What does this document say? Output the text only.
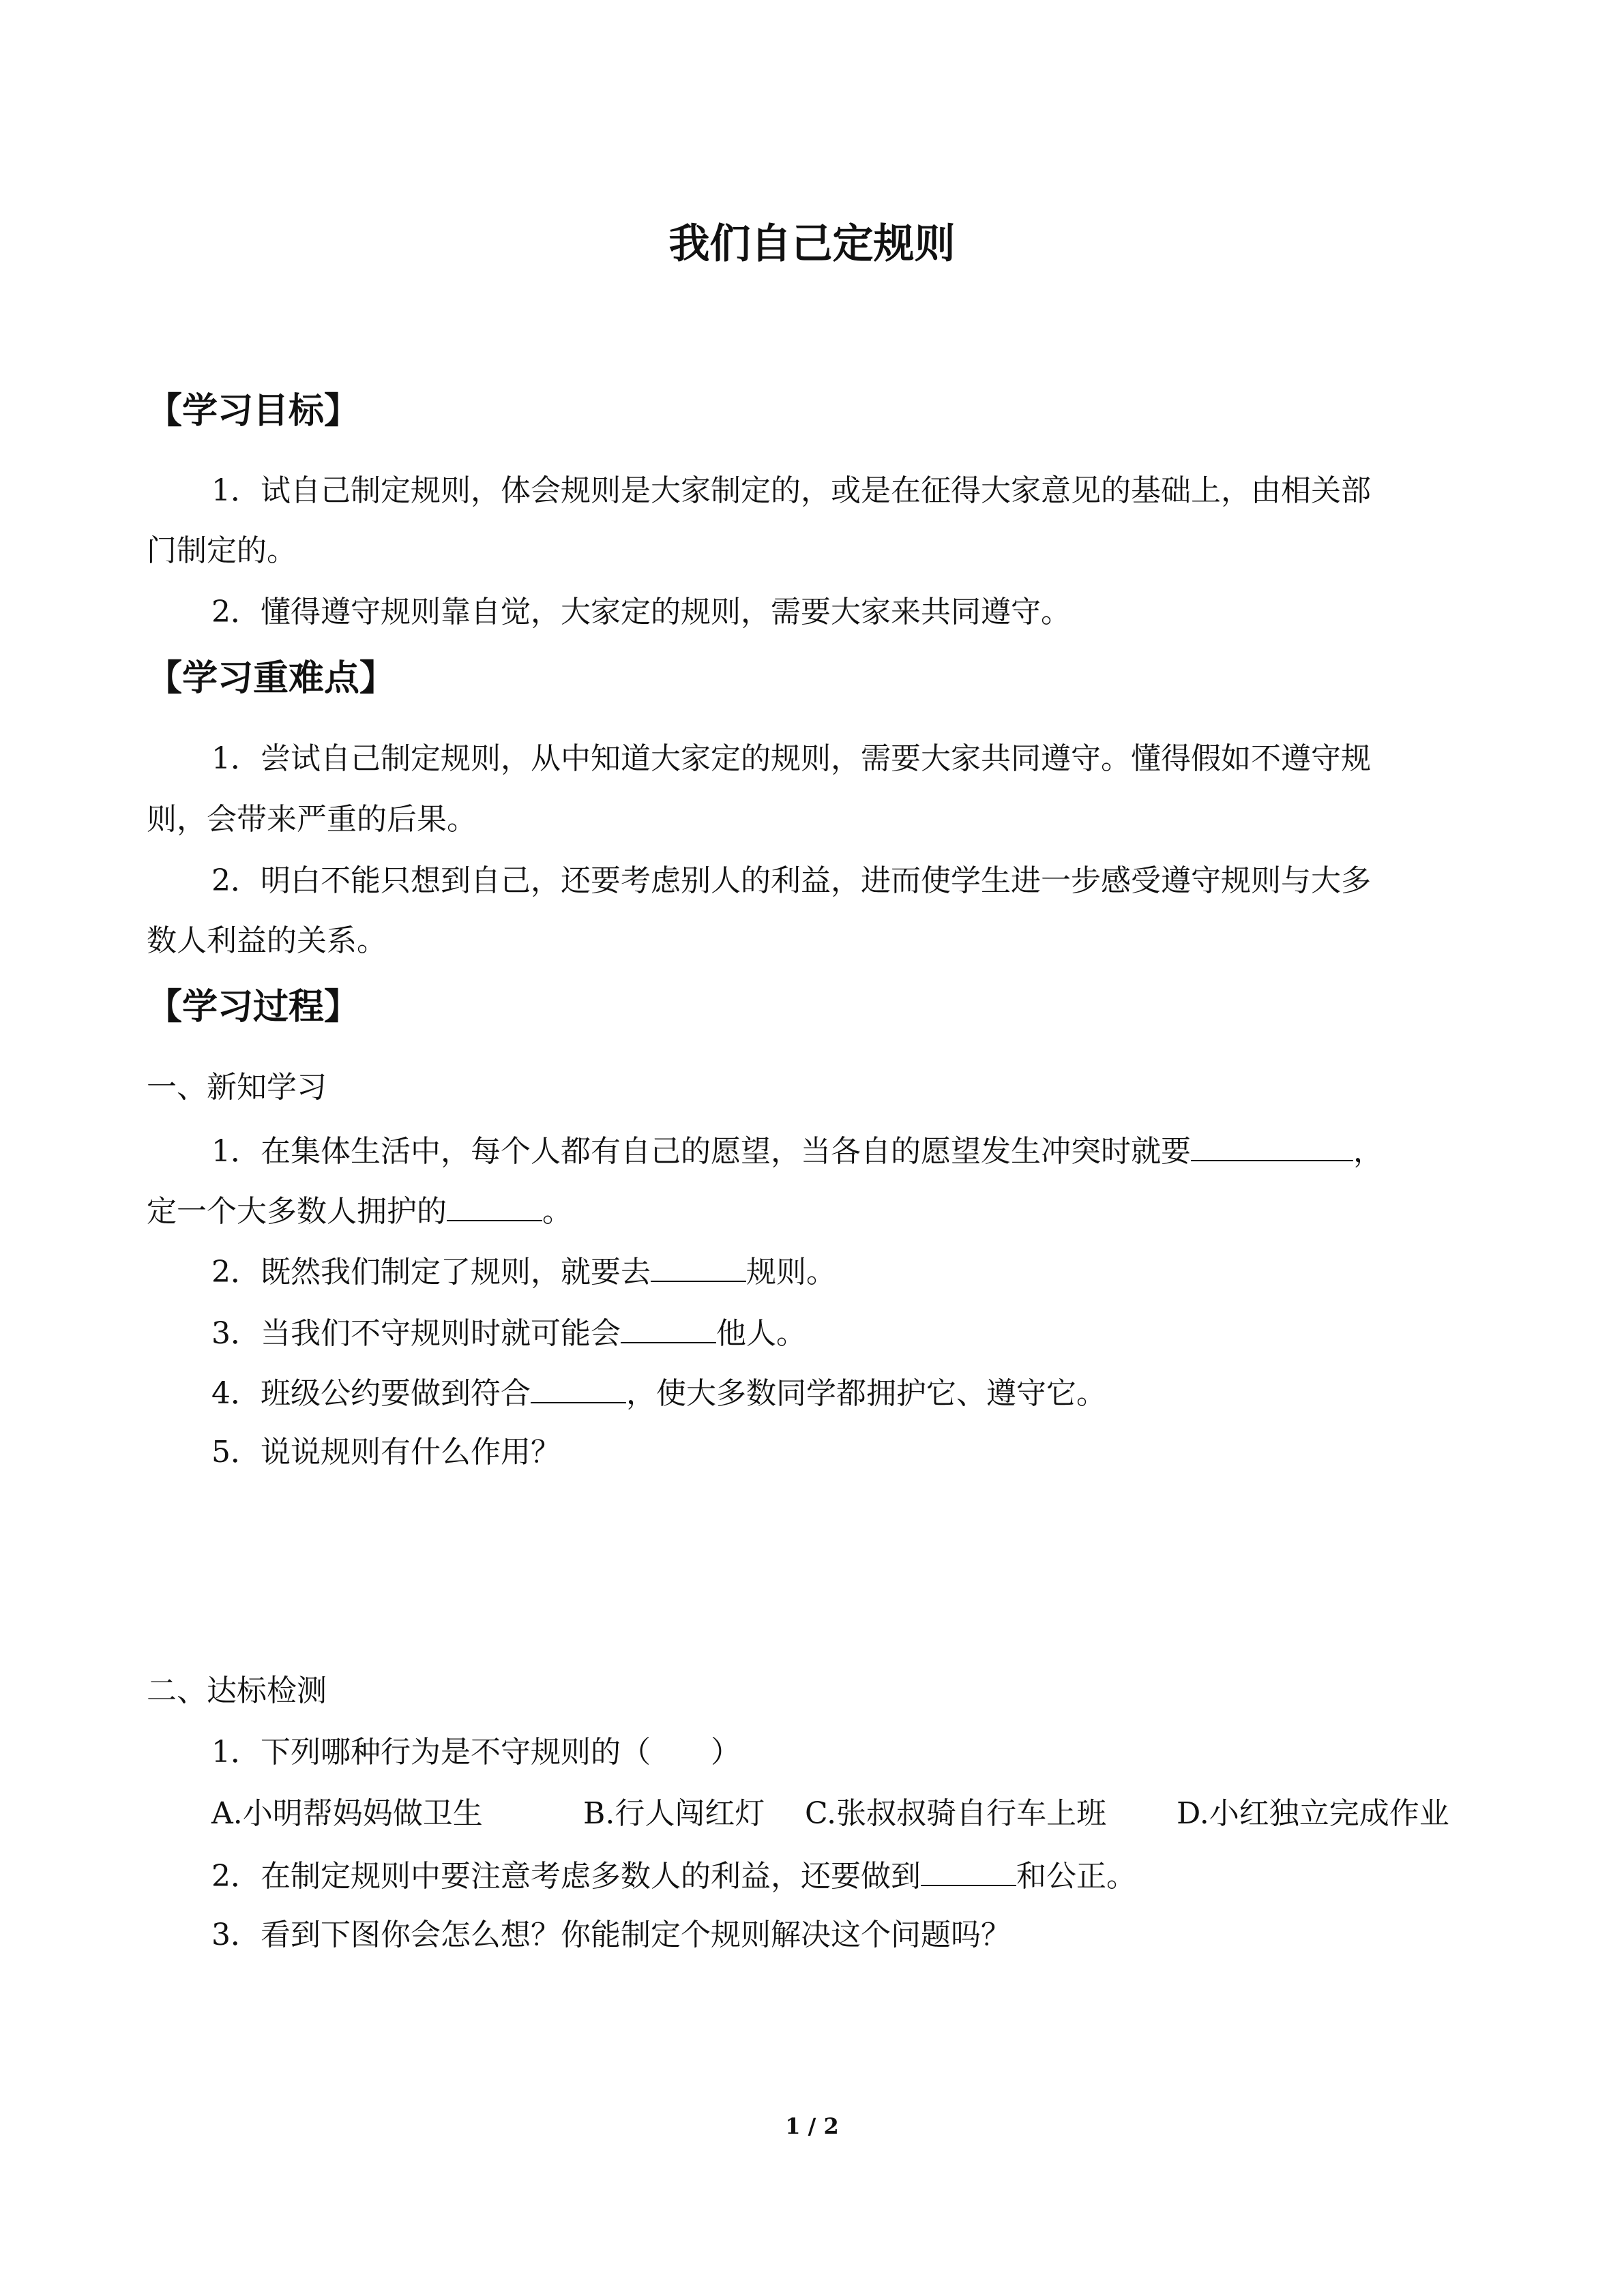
我们自己定规则
【学习目标】
1．试自己制定规则，体会规则是大家制定的，或是在征得大家意见的基础上，由相关部
门制定的。
2．懂得遵守规则靠自觉，大家定的规则，需要大家来共同遵守。
【学习重难点】
1．尝试自己制定规则，从中知道大家定的规则，需要大家共同遵守。懂得假如不遵守规
则，会带来严重的后果。
2．明白不能只想到自己，还要考虑别人的利益，进而使学生进一步感受遵守规则与大多
数人利益的关系。
【学习过程】
一、新知学习
1．在集体生活中，每个人都有自己的愿望，当各自的愿望发生冲突时就要	，
定一个大多数人拥护的	。
2．既然我们制定了规则，就要去	规则。
3．当我们不守规则时就可能会	他人。
4．班级公约要做到符合	，使大多数同学都拥护它、遵守它。
5．说说规则有什么作用？
二、达标检测
1．下列哪种行为是不守规则的（　　）
A.小明帮妈妈做卫生	B.行人闯红灯 C.张叔叔骑自行车上班 D.小红独立完成作业
2．在制定规则中要注意考虑多数人的利益，还要做到	和公正。
3．看到下图你会怎么想？你能制定个规则解决这个问题吗？
1 / 2
